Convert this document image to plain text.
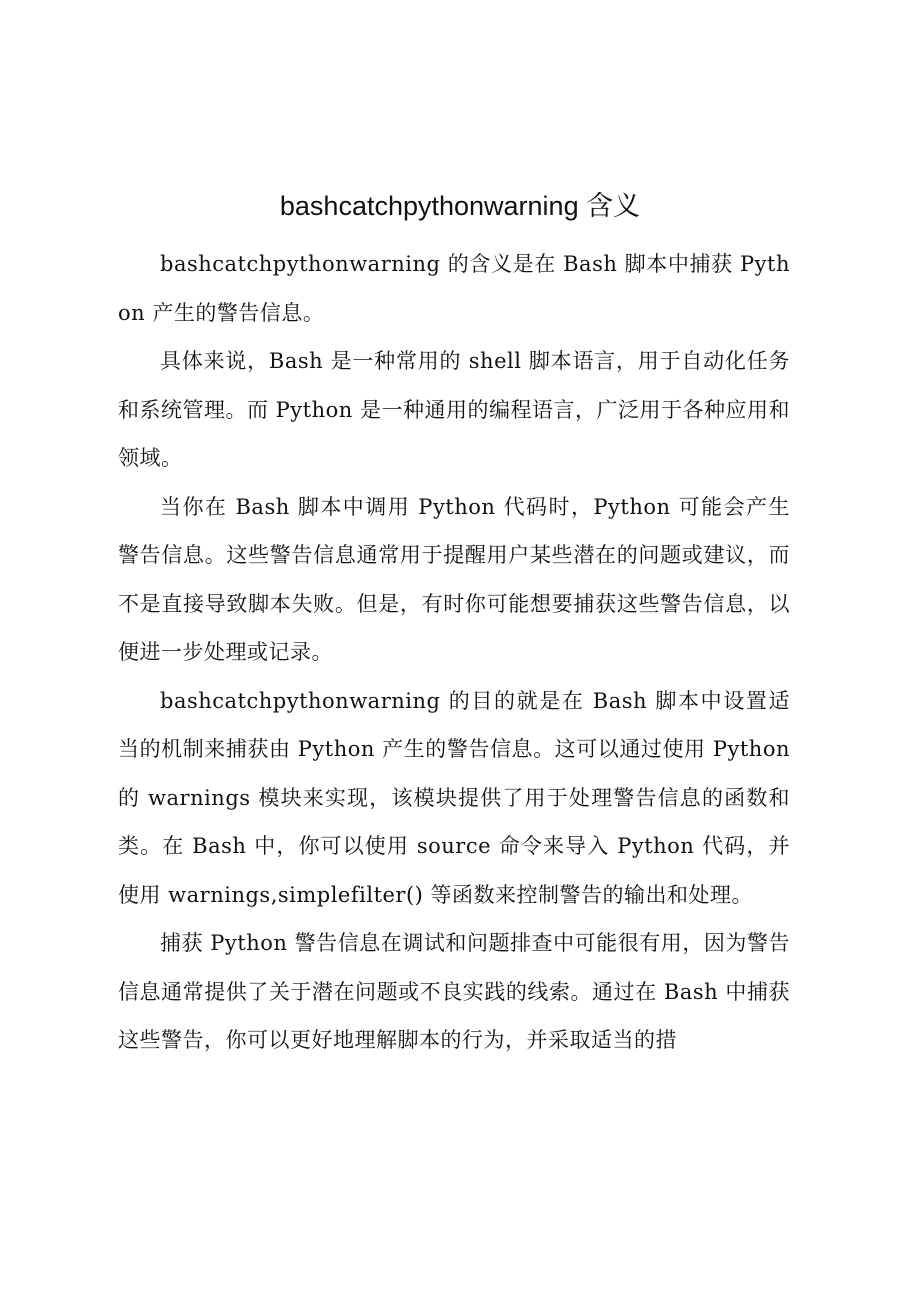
bashcatchpythonwarning 含义

bashcatchpythonwarning 的含义是在 Bash 脚本中捕获 Python 产生的警告信息。

具体来说，Bash 是一种常用的 shell 脚本语言，用于自动化任务和系统管理。而 Python 是一种通用的编程语言，广泛用于各种应用和领域。

当你在 Bash 脚本中调用 Python 代码时，Python 可能会产生警告信息。这些警告信息通常用于提醒用户某些潜在的问题或建议，而不是直接导致脚本失败。但是，有时你可能想要捕获这些警告信息，以便进一步处理或记录。

bashcatchpythonwarning 的目的就是在 Bash 脚本中设置适当的机制来捕获由 Python 产生的警告信息。这可以通过使用 Python 的 warnings 模块来实现，该模块提供了用于处理警告信息的函数和类。在 Bash 中，你可以使用 source 命令来导入 Python 代码，并使用 warnings,simplefilter() 等函数来控制警告的输出和处理。

捕获 Python 警告信息在调试和问题排查中可能很有用，因为警告信息通常提供了关于潜在问题或不良实践的线索。通过在 Bash 中捕获这些警告，你可以更好地理解脚本的行为，并采取适当的措
